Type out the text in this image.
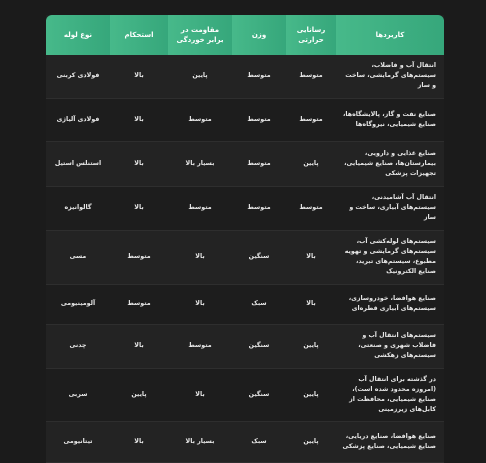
کاربردها	رسانایی حرارتی	وزن	مقاومت در برابر خوردگی	استحکام	نوع لوله
انتقال آب و فاضلاب، سیستم‌های گرمایشی، ساخت و ساز	متوسط	متوسط	پایین	بالا	فولادی کربنی
صنایع نفت و گاز، پالایشگاه‌ها، صنایع شیمیایی، نیروگاه‌ها	متوسط	متوسط	متوسط	بالا	فولادی آلیاژی
صنایع غذایی و دارویی، بیمارستان‌ها، صنایع شیمیایی، تجهیزات پزشکی	پایین	متوسط	بسیار بالا	بالا	استنلس استیل
انتقال آب آشامیدنی، سیستم‌های آبیاری، ساخت و ساز	متوسط	متوسط	متوسط	بالا	گالوانیزه
سیستم‌های لوله‌کشی آب، سیستم‌های گرمایشی و تهویه مطبوع، سیستم‌های تبرید، صنایع الکترونیک	بالا	سنگین	بالا	متوسط	مسی
صنایع هوافضا، خودروسازی، سیستم‌های آبیاری قطره‌ای	بالا	سبک	بالا	متوسط	آلومینیومی
سیستم‌های انتقال آب و فاضلاب شهری و صنعتی، سیستم‌های زهکشی	پایین	سنگین	متوسط	بالا	چدنی
در گذشته برای انتقال آب (امروزه محدود شده است)، صنایع شیمیایی، محافظت از کابل‌های زیرزمینی	پایین	سنگین	بالا	پایین	سربی
صنایع هوافضا، صنایع دریایی، صنایع شیمیایی، صنایع پزشکی	پایین	سبک	بسیار بالا	بالا	تیتانیومی
